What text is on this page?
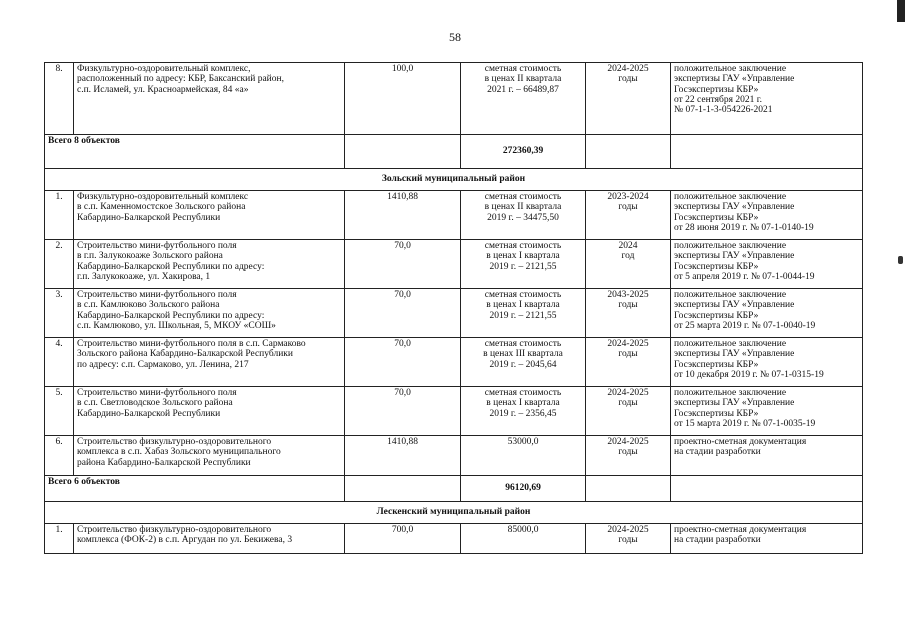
58
8.	Физкультурно-оздоровительный комплекс,
расположенный по адресу: КБР, Баксанский район,
с.п. Исламей, ул. Красноармейская, 84 «а»	100,0	сметная стоимость
в ценах II квартала
2021 г. – 66489,87	2024-2025
годы	положительное заключение
экспертизы ГАУ «Управление
Госэкспертизы КБР»
от 22 сентября 2021 г.
№ 07-1-1-3-054226-2021
Всего 8 объектов			272360,39		
Зольский муниципальный район					
1.	Физкультурно-оздоровительный комплекс
в с.п. Каменномостское Зольского района
Кабардино-Балкарской Республики	1410,88	сметная стоимость
в ценах II квартала
2019 г. – 34475,50	2023-2024
годы	положительное заключение
экспертизы ГАУ «Управление
Госэкспертизы КБР»
от 28 июня 2019 г. № 07-1-0140-19
2.	Строительство мини-футбольного поля
в г.п. Залукокоаже Зольского района
Кабардино-Балкарской Республики по адресу:
г.п. Залукокоаже, ул. Хакирова, 1	70,0	сметная стоимость
в ценах I квартала
2019 г. – 2121,55	2024
год	положительное заключение
экспертизы ГАУ «Управление
Госэкспертизы КБР»
от 5 апреля 2019 г. № 07-1-0044-19
3.	Строительство мини-футбольного поля
в с.п. Камлюково Зольского района
Кабардино-Балкарской Республики по адресу:
с.п. Камлюково, ул. Школьная, 5, МКОУ «СОШ»	70,0	сметная стоимость
в ценах I квартала
2019 г. – 2121,55	2043-2025
годы	положительное заключение
экспертизы ГАУ «Управление
Госэкспертизы КБР»
от 25 марта 2019 г. № 07-1-0040-19
4.	Строительство мини-футбольного поля в с.п. Сармаково
Зольского района Кабардино-Балкарской Республики
по адресу: с.п. Сармаково, ул. Ленина, 217	70,0	сметная стоимость
в ценах III квартала
2019 г. – 2045,64	2024-2025
годы	положительное заключение
экспертизы ГАУ «Управление
Госэкспертизы КБР»
от 10 декабря 2019 г. № 07-1-0315-19
5.	Строительство мини-футбольного поля
в с.п. Светловодское Зольского района
Кабардино-Балкарской Республики	70,0	сметная стоимость
в ценах I квартала
2019 г. – 2356,45	2024-2025
годы	положительное заключение
экспертизы ГАУ «Управление
Госэкспертизы КБР»
от 15 марта 2019 г. № 07-1-0035-19
6.	Строительство физкультурно-оздоровительного
комплекса в с.п. Хабаз Зольского муниципального
района Кабардино-Балкарской Республики	1410,88	53000,0	2024-2025
годы	проектно-сметная документация
на стадии разработки
Всего 6 объектов			96120,69		
Лескенский муниципальный район					
1.	Строительство физкультурно-оздоровительного
комплекса (ФОК-2) в с.п. Аргудан по ул. Бекижева, 3	700,0	85000,0	2024-2025
годы	проектно-сметная документация
на стадии разработки
